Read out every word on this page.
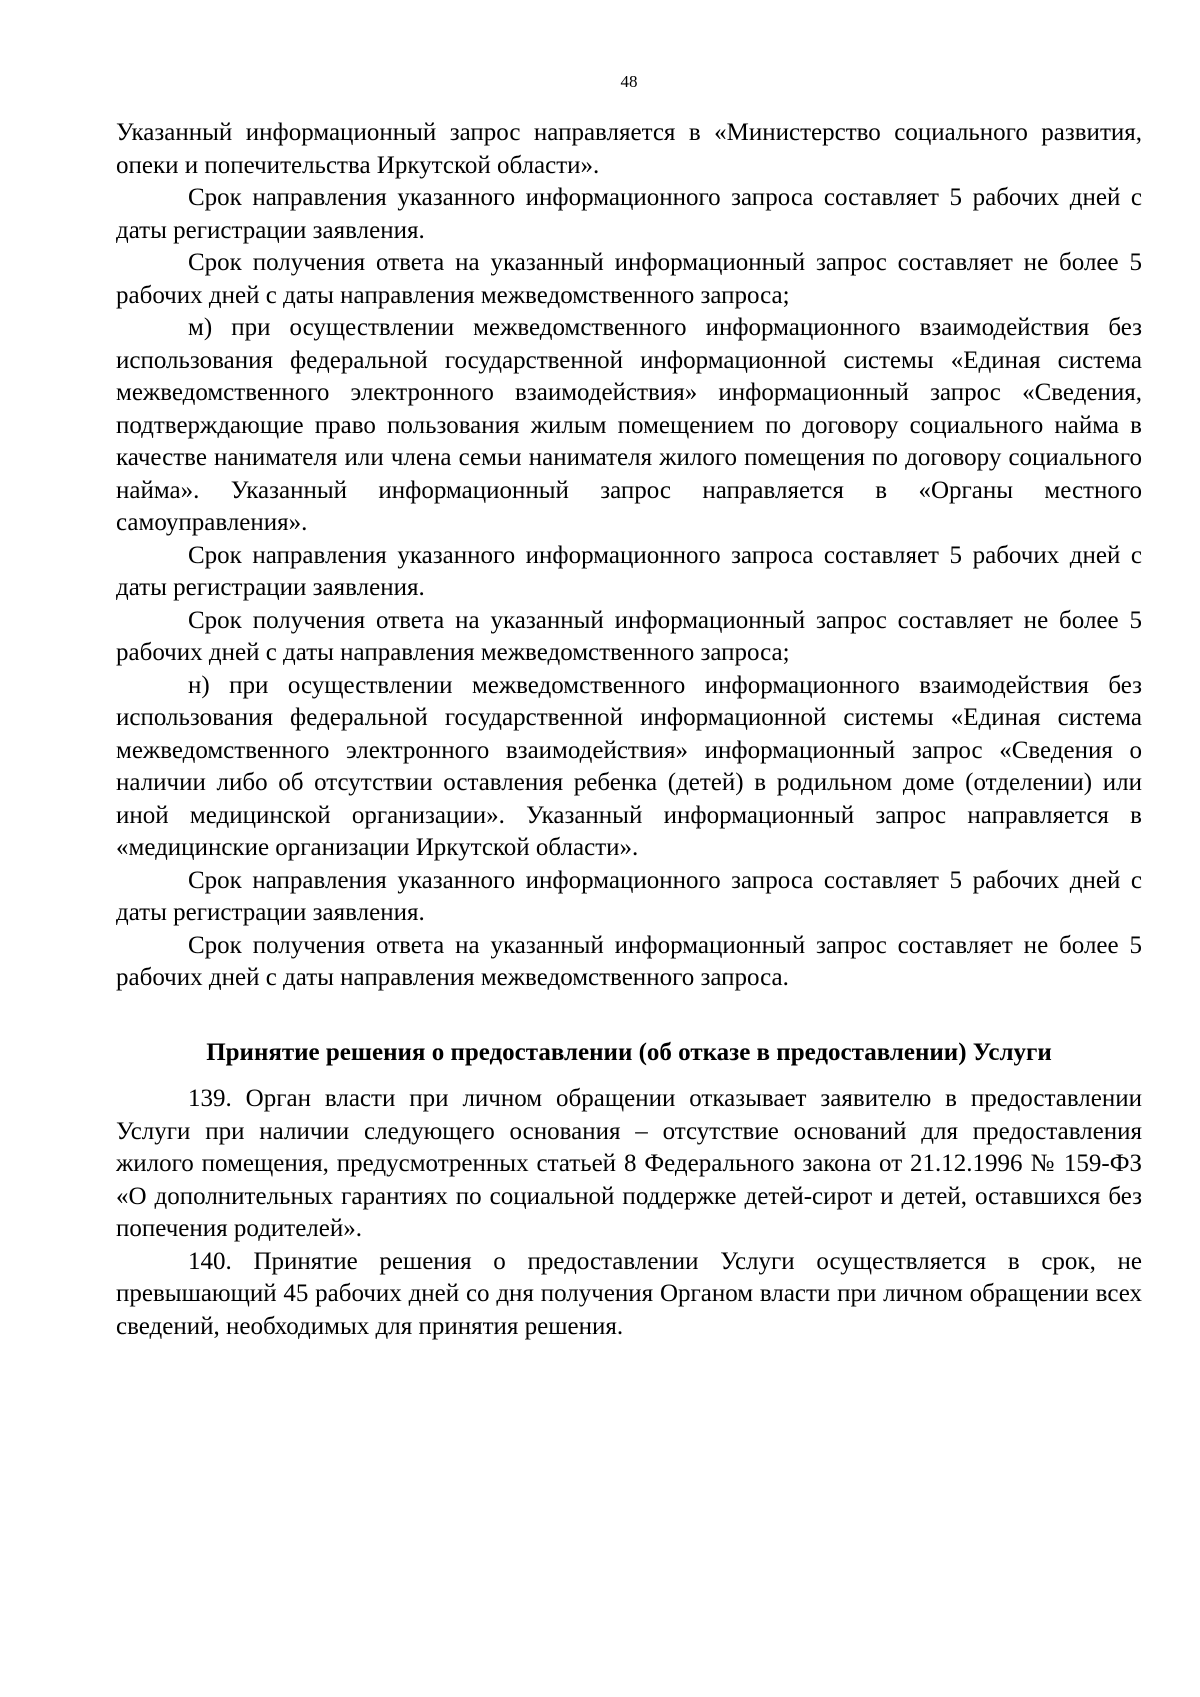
48

Указанный информационный запрос направляется в «Министерство социального развития, опеки и попечительства Иркутской области».

Срок направления указанного информационного запроса составляет 5 рабочих дней с даты регистрации заявления.

Срок получения ответа на указанный информационный запрос составляет не более 5 рабочих дней с даты направления межведомственного запроса;

м) при осуществлении межведомственного информационного взаимодействия без использования федеральной государственной информационной системы «Единая система межведомственного электронного взаимодействия» информационный запрос «Сведения, подтверждающие право пользования жилым помещением по договору социального найма в качестве нанимателя или члена семьи нанимателя жилого помещения по договору социального найма». Указанный информационный запрос направляется в «Органы местного самоуправления».

Срок направления указанного информационного запроса составляет 5 рабочих дней с даты регистрации заявления.

Срок получения ответа на указанный информационный запрос составляет не более 5 рабочих дней с даты направления межведомственного запроса;

н) при осуществлении межведомственного информационного взаимодействия без использования федеральной государственной информационной системы «Единая система межведомственного электронного взаимодействия» информационный запрос «Сведения о наличии либо об отсутствии оставления ребенка (детей) в родильном доме (отделении) или иной медицинской организации». Указанный информационный запрос направляется в «медицинские организации Иркутской области».

Срок направления указанного информационного запроса составляет 5 рабочих дней с даты регистрации заявления.

Срок получения ответа на указанный информационный запрос составляет не более 5 рабочих дней с даты направления межведомственного запроса.

Принятие решения о предоставлении (об отказе в предоставлении) Услуги

139. Орган власти при личном обращении отказывает заявителю в предоставлении Услуги при наличии следующего основания – отсутствие оснований для предоставления жилого помещения, предусмотренных статьей 8 Федерального закона от 21.12.1996 № 159-ФЗ «О дополнительных гарантиях по социальной поддержке детей-сирот и детей, оставшихся без попечения родителей».

140. Принятие решения о предоставлении Услуги осуществляется в срок, не превышающий 45 рабочих дней со дня получения Органом власти при личном обращении всех сведений, необходимых для принятия решения.
